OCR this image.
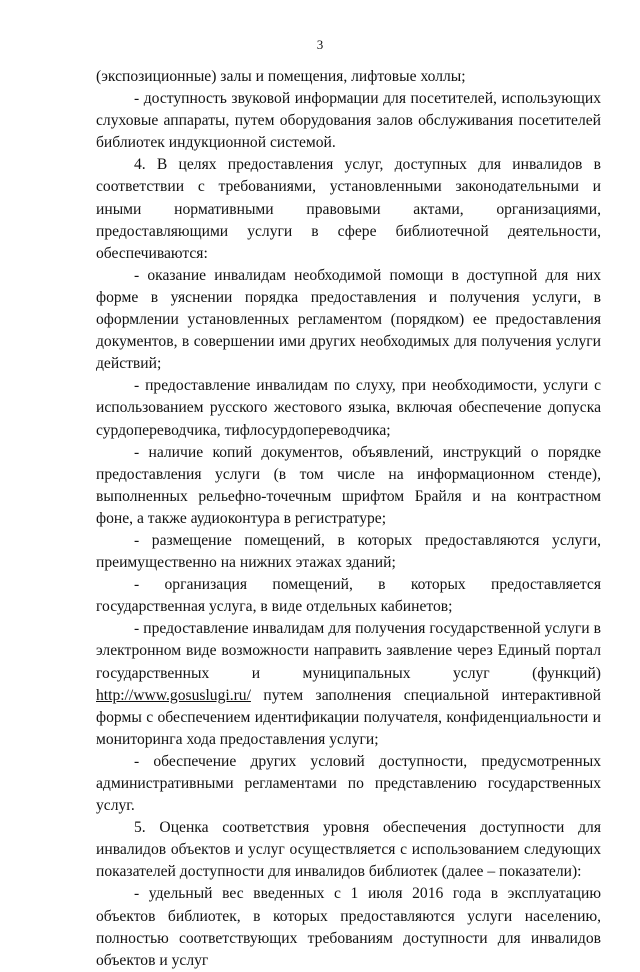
3

(экспозиционные) залы и помещения, лифтовые холлы;

- доступность звуковой информации для посетителей, использующих слуховые аппараты, путем оборудования залов обслуживания посетителей библиотек индукционной системой.

4. В целях предоставления услуг, доступных для инвалидов в соответствии с требованиями, установленными законодательными и иными нормативными правовыми актами, организациями, предоставляющими услуги в сфере библиотечной деятельности, обеспечиваются:

- оказание инвалидам необходимой помощи в доступной для них форме в уяснении порядка предоставления и получения услуги, в оформлении установленных регламентом (порядком) ее предоставления документов, в совершении ими других необходимых для получения услуги действий;

- предоставление инвалидам по слуху, при необходимости, услуги с использованием русского жестового языка, включая обеспечение допуска сурдопереводчика, тифлосурдопереводчика;

- наличие копий документов, объявлений, инструкций о порядке предоставления услуги (в том числе на информационном стенде), выполненных рельефно-точечным шрифтом Брайля и на контрастном фоне, а также аудиоконтура в регистратуре;

- размещение помещений, в которых предоставляются услуги, преимущественно на нижних этажах зданий;

- организация помещений, в которых предоставляется государственная услуга, в виде отдельных кабинетов;

- предоставление инвалидам для получения государственной услуги в электронном виде возможности направить заявление через Единый портал государственных и муниципальных услуг (функций) http://www.gosuslugi.ru/ путем заполнения специальной интерактивной формы с обеспечением идентификации получателя, конфиденциальности и мониторинга хода предоставления услуги;

- обеспечение других условий доступности, предусмотренных административными регламентами по представлению государственных услуг.

5. Оценка соответствия уровня обеспечения доступности для инвалидов объектов и услуг осуществляется с использованием следующих показателей доступности для инвалидов библиотек (далее – показатели):

- удельный вес введенных с 1 июля 2016 года в эксплуатацию объектов библиотек, в которых предоставляются услуги населению, полностью соответствующих требованиям доступности для инвалидов объектов и услуг
